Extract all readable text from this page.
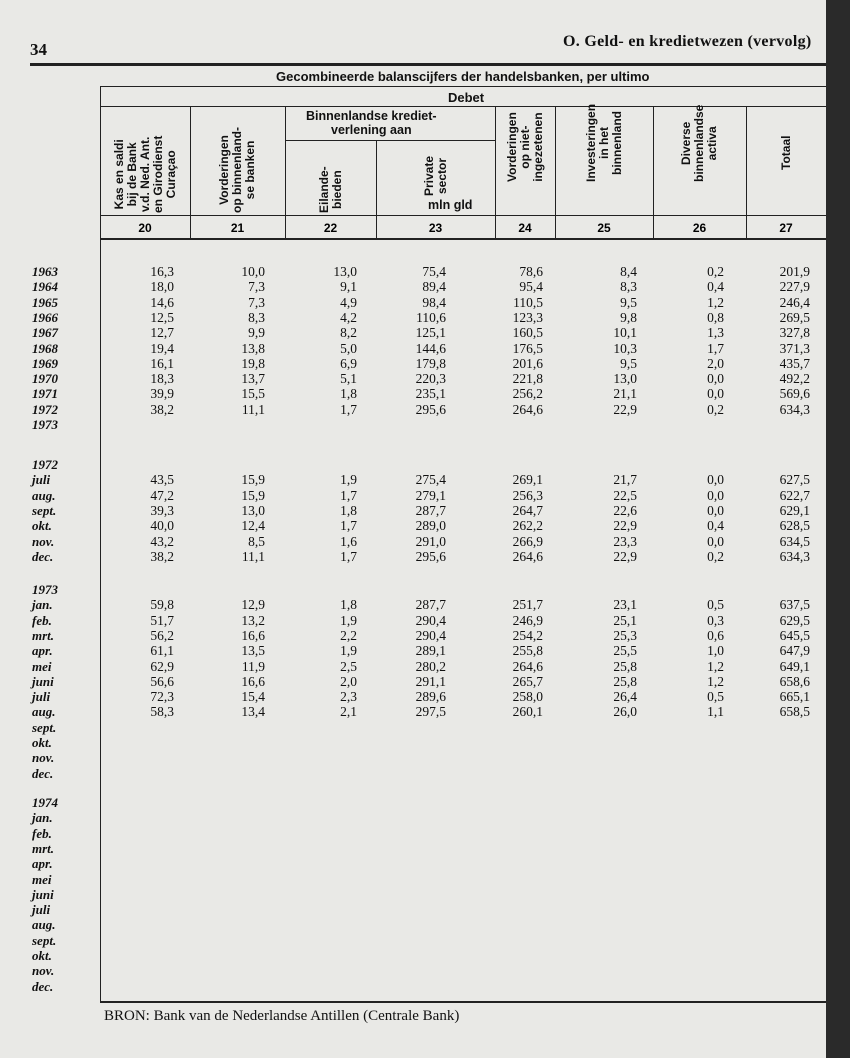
34	O. Geld- en kredietwezen (vervolg)
Gecombineerde balanscijfers der handelsbanken, per ultimo
Debet
Binnenlandse krediet-
verlening aan
mln gld
Kas en saldi bij de Bank v.d. Ned. Ant. en Girodienst Curaçao
20
Vorderingen op binnenland- se banken
21
Eilande- bieden
22
Private sector
23
Vorderingen op niet- ingezetenen
24
Investeringen in het binnenland
25
Diverse binnenlandse activa
26
Totaal
27
1963	16,3	10,0	13,0	75,4	78,6	8,4	0,2	201,9
1964	18,0	7,3	9,1	89,4	95,4	8,3	0,4	227,9
1965	14,6	7,3	4,9	98,4	110,5	9,5	1,2	246,4
1966	12,5	8,3	4,2	110,6	123,3	9,8	0,8	269,5
1967	12,7	9,9	8,2	125,1	160,5	10,1	1,3	327,8
1968	19,4	13,8	5,0	144,6	176,5	10,3	1,7	371,3
1969	16,1	19,8	6,9	179,8	201,6	9,5	2,0	435,7
1970	18,3	13,7	5,1	220,3	221,8	13,0	0,0	492,2
1971	39,9	15,5	1,8	235,1	256,2	21,1	0,0	569,6
1972	38,2	11,1	1,7	295,6	264,6	22,9	0,2	634,3
1973
1972
juli	43,5	15,9	1,9	275,4	269,1	21,7	0,0	627,5
aug.	47,2	15,9	1,7	279,1	256,3	22,5	0,0	622,7
sept.	39,3	13,0	1,8	287,7	264,7	22,6	0,0	629,1
okt.	40,0	12,4	1,7	289,0	262,2	22,9	0,4	628,5
nov.	43,2	8,5	1,6	291,0	266,9	23,3	0,0	634,5
dec.	38,2	11,1	1,7	295,6	264,6	22,9	0,2	634,3
1973
jan.	59,8	12,9	1,8	287,7	251,7	23,1	0,5	637,5
feb.	51,7	13,2	1,9	290,4	246,9	25,1	0,3	629,5
mrt.	56,2	16,6	2,2	290,4	254,2	25,3	0,6	645,5
apr.	61,1	13,5	1,9	289,1	255,8	25,5	1,0	647,9
mei	62,9	11,9	2,5	280,2	264,6	25,8	1,2	649,1
juni	56,6	16,6	2,0	291,1	265,7	25,8	1,2	658,6
juli	72,3	15,4	2,3	289,6	258,0	26,4	0,5	665,1
aug.	58,3	13,4	2,1	297,5	260,1	26,0	1,1	658,5
sept.
okt.
nov.
dec.
1974
jan.
feb.
mrt.
apr.
mei
juni
juli
aug.
sept.
okt.
nov.
dec.
BRON: Bank van de Nederlandse Antillen (Centrale Bank)
